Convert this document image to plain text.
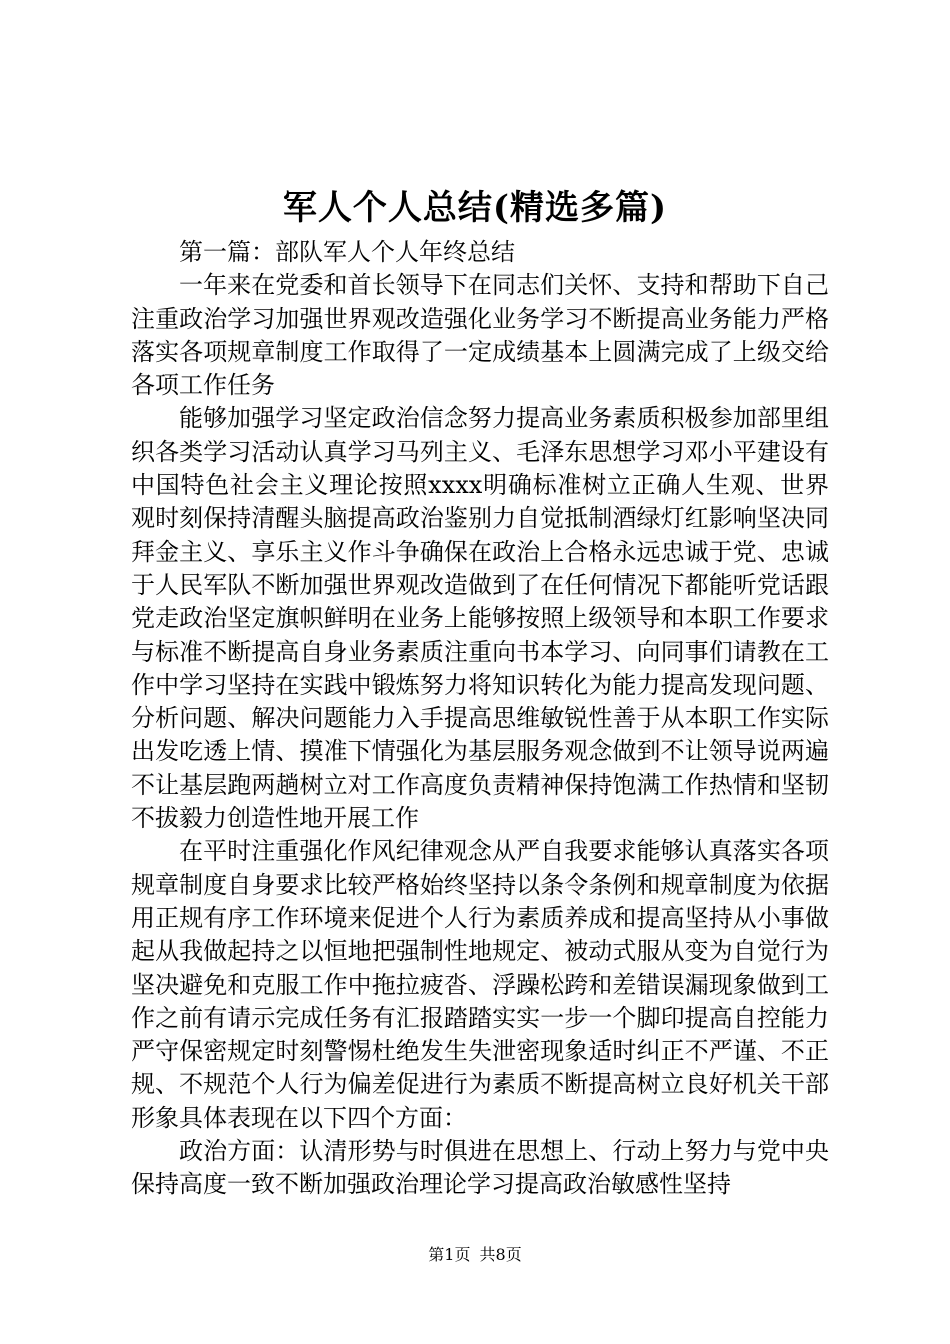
军人个人总结(精选多篇)

第一篇：部队军人个人年终总结

一年来在党委和首长领导下在同志们关怀、支持和帮助下自己注重政治学习加强世界观改造强化业务学习不断提高业务能力严格落实各项规章制度工作取得了一定成绩基本上圆满完成了上级交给各项工作任务

能够加强学习坚定政治信念努力提高业务素质积极参加部里组织各类学习活动认真学习马列主义、毛泽东思想学习邓小平建设有中国特色社会主义理论按照xxxx明确标准树立正确人生观、世界观时刻保持清醒头脑提高政治鉴别力自觉抵制酒绿灯红影响坚决同拜金主义、享乐主义作斗争确保在政治上合格永远忠诚于党、忠诚于人民军队不断加强世界观改造做到了在任何情况下都能听党话跟党走政治坚定旗帜鲜明在业务上能够按照上级领导和本职工作要求与标准不断提高自身业务素质注重向书本学习、向同事们请教在工作中学习坚持在实践中锻炼努力将知识转化为能力提高发现问题、分析问题、解决问题能力入手提高思维敏锐性善于从本职工作实际出发吃透上情、摸准下情强化为基层服务观念做到不让领导说两遍不让基层跑两趟树立对工作高度负责精神保持饱满工作热情和坚韧不拔毅力创造性地开展工作

在平时注重强化作风纪律观念从严自我要求能够认真落实各项规章制度自身要求比较严格始终坚持以条令条例和规章制度为依据用正规有序工作环境来促进个人行为素质养成和提高坚持从小事做起从我做起持之以恒地把强制性地规定、被动式服从变为自觉行为坚决避免和克服工作中拖拉疲沓、浮躁松跨和差错误漏现象做到工作之前有请示完成任务有汇报踏踏实实一步一个脚印提高自控能力严守保密规定时刻警惕杜绝发生失泄密现象适时纠正不严谨、不正规、不规范个人行为偏差促进行为素质不断提高树立良好机关干部形象具体表现在以下四个方面：

政治方面：认清形势与时俱进在思想上、行动上努力与党中央保持高度一致不断加强政治理论学习提高政治敏感性坚持

第1页 共8页
